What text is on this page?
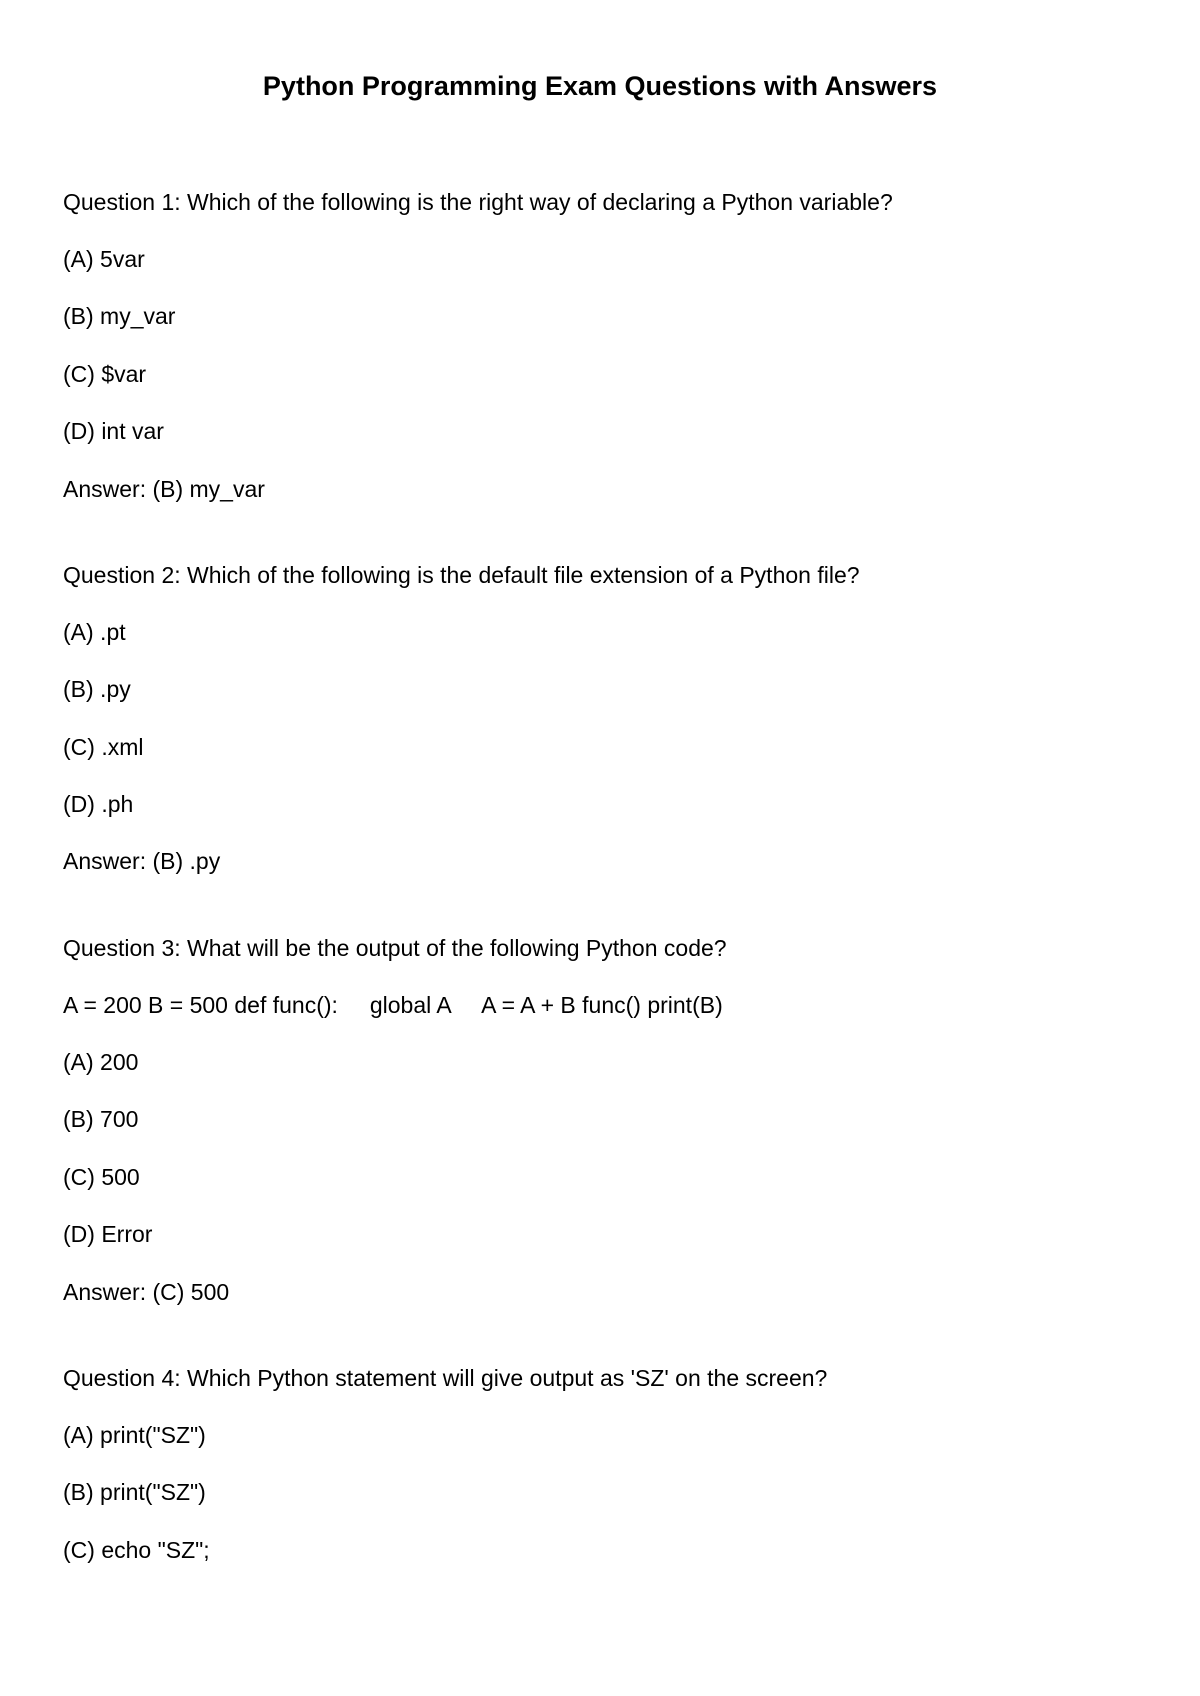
Python Programming Exam Questions with Answers
Question 1: Which of the following is the right way of declaring a Python variable?
(A) 5var
(B) my_var
(C) $var
(D) int var
Answer: (B) my_var
Question 2: Which of the following is the default file extension of a Python file?
(A) .pt
(B) .py
(C) .xml
(D) .ph
Answer: (B) .py
Question 3: What will be the output of the following Python code?
A = 200 B = 500 def func():     global A     A = A + B func() print(B)
(A) 200
(B) 700
(C) 500
(D) Error
Answer: (C) 500
Question 4: Which Python statement will give output as 'SZ' on the screen?
(A) print("SZ")
(B) print("SZ")
(C) echo "SZ";
